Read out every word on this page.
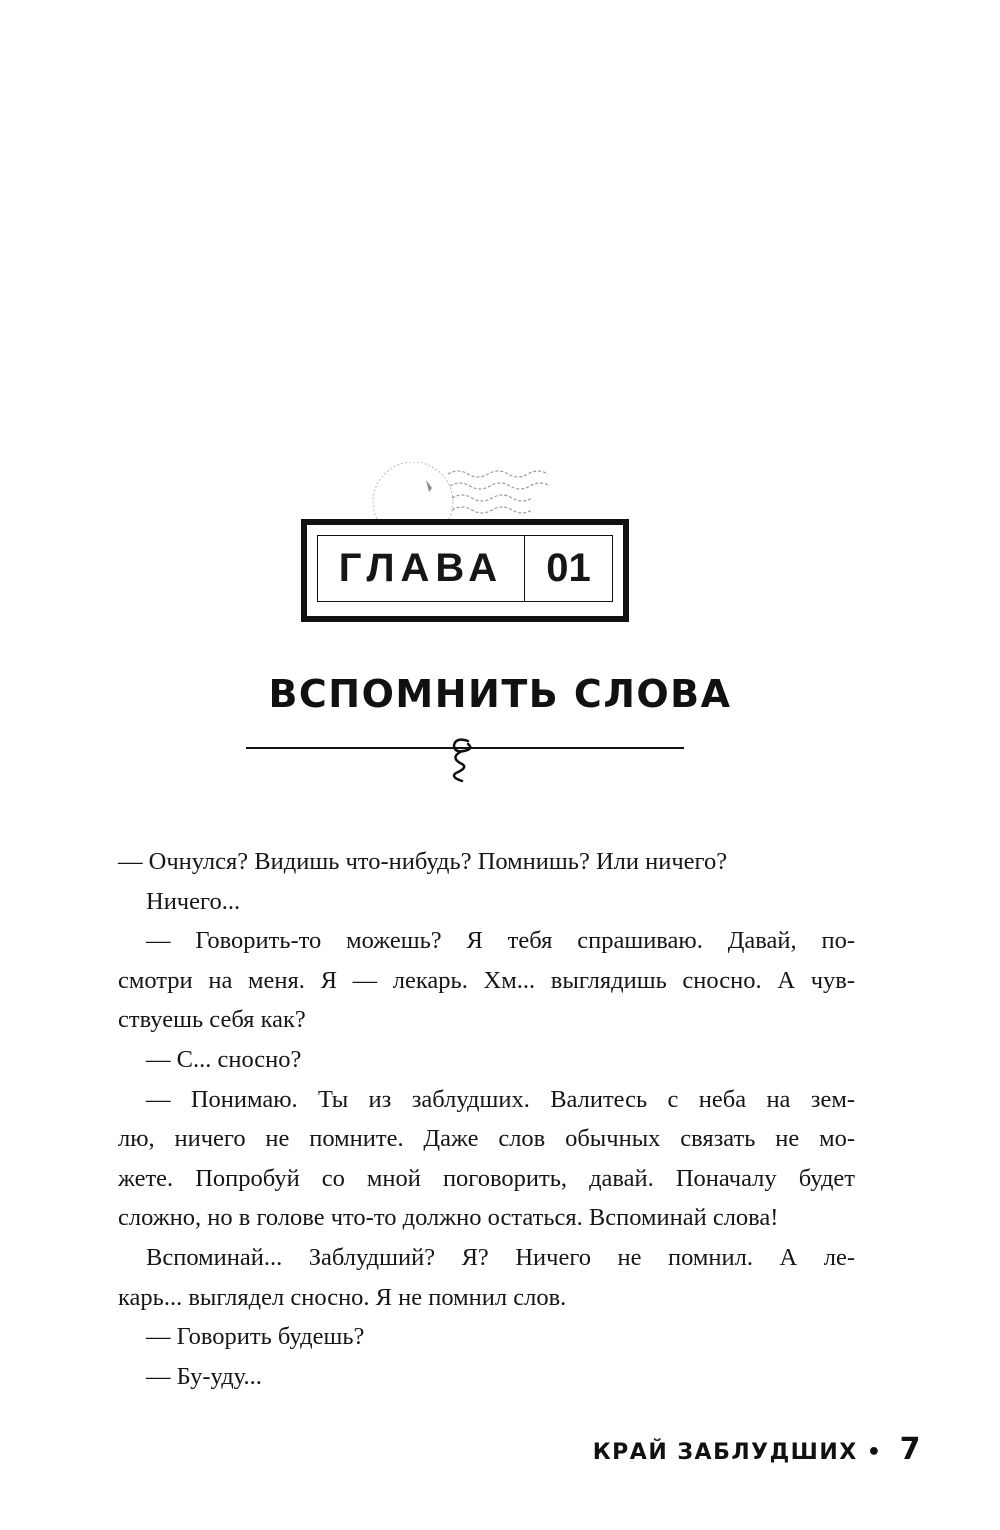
ГЛАВА	01
ВСПОМНИТЬ СЛОВА
— Очнулся? Видишь что-нибудь? Помнишь? Или ничего?
Ничего...
— Говорить-то можешь? Я тебя спрашиваю. Давай, по-
смотри на меня. Я — лекарь. Хм... выглядишь сносно. А чув-
ствуешь себя как?
— С... сносно?
— Понимаю. Ты из заблудших. Валитесь с неба на зем-
лю, ничего не помните. Даже слов обычных связать не мо-
жете. Попробуй со мной поговорить, давай. Поначалу будет
сложно, но в голове что-то должно остаться. Вспоминай слова!
Вспоминай... Заблудший? Я? Ничего не помнил. А ле-
карь... выглядел сносно. Я не помнил слов.
— Говорить будешь?
— Бу-уду...
КРАЙ ЗАБЛУДШИХ • 7
